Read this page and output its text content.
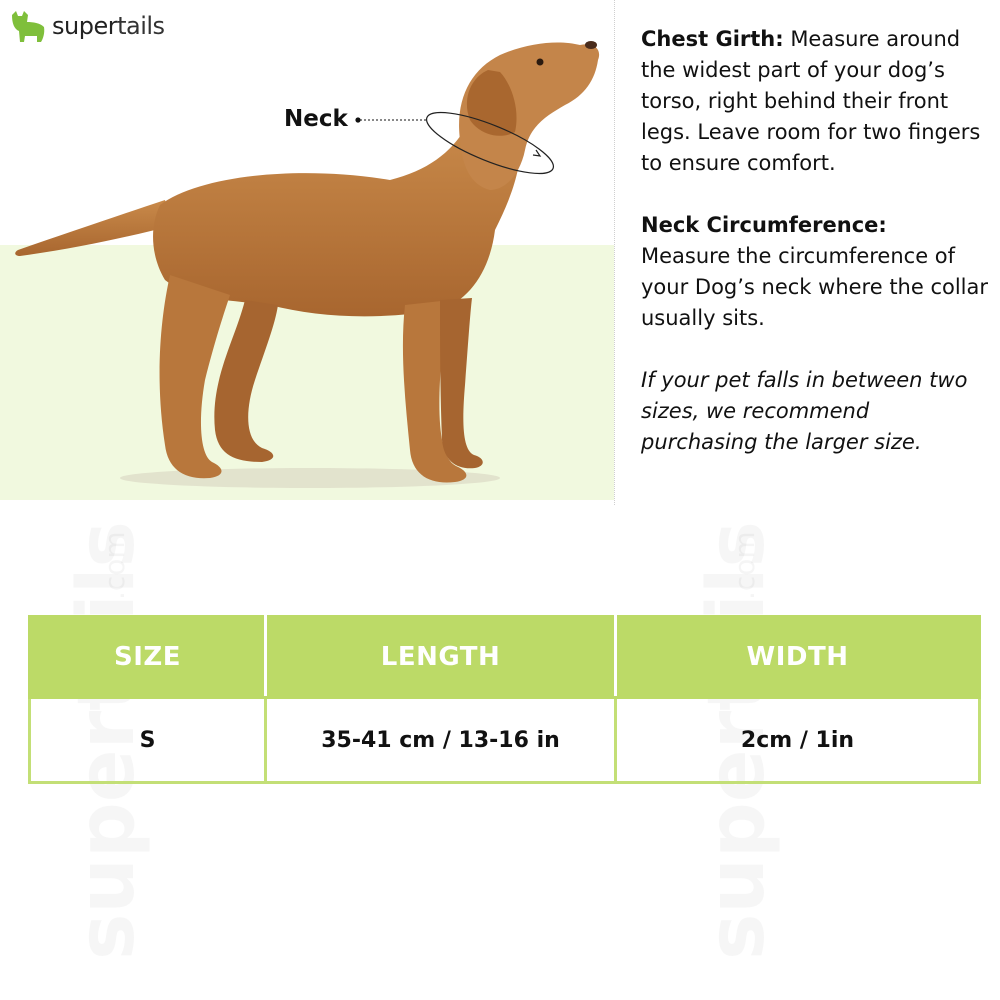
Neck
supertails	Chest Girth: Measure around the widest part of your dog’s torso, right behind their front legs. Leave room for two fingers to ensure comfort.

Neck Circumference:
Measure the circumference of your Dog’s neck where the collar usually sits.

If your pet falls in between two sizes, we recommend purchasing the larger size.

SIZE	LENGTH	WIDTH
S	35-41 cm / 13-16 in	2cm / 1in
